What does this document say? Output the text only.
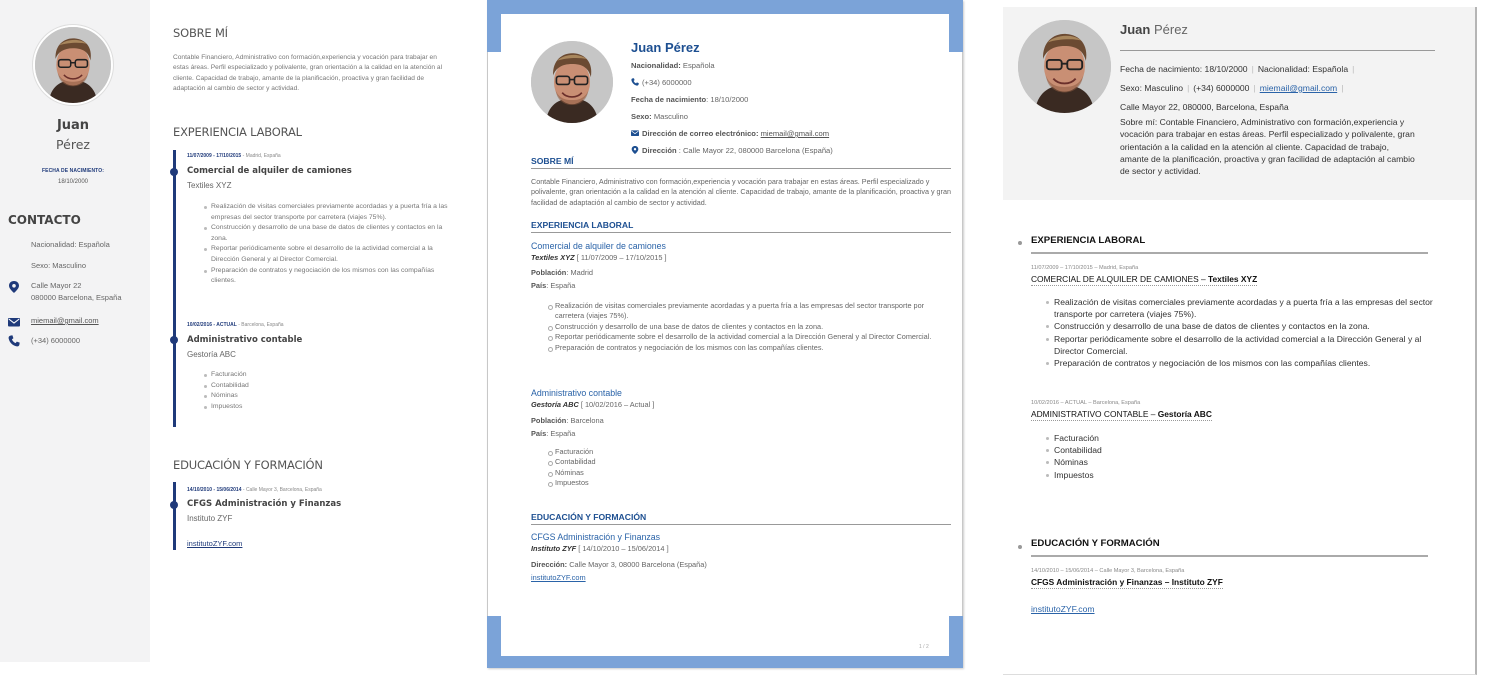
Juan
Pérez
FECHA DE NACIMIENTO:
18/10/2000
CONTACTO
Nacionalidad: Española
Sexo: Masculino
Calle Mayor 22
080000 Barcelona, España
miemail@gmail.com
(+34) 6000000
SOBRE MÍ

Contable Financiero, Administrativo con formación,experiencia y vocación para trabajar en estas áreas. Perfil especializado y polivalente, gran orientación a la calidad en la atención al cliente. Capacidad de trabajo, amante de la planificación, proactiva y gran facilidad de adaptación al cambio de sector y actividad.

EXPERIENCIA LABORAL
11/07/2009 - 17/10/2015 - Madrid, España
Comercial de alquiler de camiones
Textiles XYZ
Realización de visitas comerciales previamente acordadas y a puerta fría a las empresas del sector transporte por carretera (viajes 75%).
Construcción y desarrollo de una base de datos de clientes y contactos en la zona.
Reportar periódicamente sobre el desarrollo de la actividad comercial a la Dirección General y al Director Comercial.
Preparación de contratos y negociación de los mismos con las compañías clientes.
10/02/2016 - ACTUAL - Barcelona, España
Administrativo contable
Gestoría ABC
Facturación
Contabilidad
Nóminas
Impuestos
EDUCACIÓN Y FORMACIÓN
14/10/2010 - 15/06/2014 - Calle Mayor 3, Barcelona, España
CFGS Administración y Finanzas
Instituto ZYF
institutoZYF.com
Juan Pérez
Nacionalidad: Española
(+34) 6000000
Fecha de nacimiento: 18/10/2000
Sexo: Masculino
Dirección de correo electrónico: miemail@gmail.com
Dirección : Calle Mayor 22, 080000 Barcelona (España)
SOBRE MÍ

Contable Financiero, Administrativo con formación,experiencia y vocación para trabajar en estas áreas. Perfil especializado y polivalente, gran orientación a la calidad en la atención al cliente. Capacidad de trabajo, amante de la planificación, proactiva y gran facilidad de adaptación al cambio de sector y actividad.

EXPERIENCIA LABORAL
Comercial de alquiler de camiones
Textiles XYZ [ 11/07/2009 – 17/10/2015 ]
Población: Madrid
País: España
Realización de visitas comerciales previamente acordadas y a puerta fría a las empresas del sector transporte por carretera (viajes 75%).
Construcción y desarrollo de una base de datos de clientes y contactos en la zona.
Reportar periódicamente sobre el desarrollo de la actividad comercial a la Dirección General y al Director Comercial.
Preparación de contratos y negociación de los mismos con las compañías clientes.
Administrativo contable
Gestoría ABC [ 10/02/2016 – Actual ]
Población: Barcelona
País: España
Facturación
Contabilidad
Nóminas
Impuestos
EDUCACIÓN Y FORMACIÓN
CFGS Administración y Finanzas
Instituto ZYF [ 14/10/2010 – 15/06/2014 ]
Dirección: Calle Mayor 3, 08000 Barcelona (España)
institutoZYF.com
1 / 2
Juan Pérez
Fecha de nacimiento: 18/10/2000 | Nacionalidad: Española |
Sexo: Masculino | (+34) 6000000 | miemail@gmail.com |
Calle Mayor 22, 080000, Barcelona, España

Sobre mí: Contable Financiero, Administrativo con formación,experiencia y vocación para trabajar en estas áreas. Perfil especializado y polivalente, gran orientación a la calidad en la atención al cliente. Capacidad de trabajo, amante de la planificación, proactiva y gran facilidad de adaptación al cambio de sector y actividad.

EXPERIENCIA LABORAL
11/07/2009 – 17/10/2015 – Madrid, España
COMERCIAL DE ALQUILER DE CAMIONES – Textiles XYZ
Realización de visitas comerciales previamente acordadas y a puerta fría a las empresas del sector transporte por carretera (viajes 75%).
Construcción y desarrollo de una base de datos de clientes y contactos en la zona.
Reportar periódicamente sobre el desarrollo de la actividad comercial a la Dirección General y al Director Comercial.
Preparación de contratos y negociación de los mismos con las compañías clientes.
10/02/2016 – ACTUAL – Barcelona, España
ADMINISTRATIVO CONTABLE – Gestoría ABC
Facturación
Contabilidad
Nóminas
Impuestos
EDUCACIÓN Y FORMACIÓN
14/10/2010 – 15/06/2014 – Calle Mayor 3, Barcelona, España
CFGS Administración y Finanzas – Instituto ZYF
institutoZYF.com
